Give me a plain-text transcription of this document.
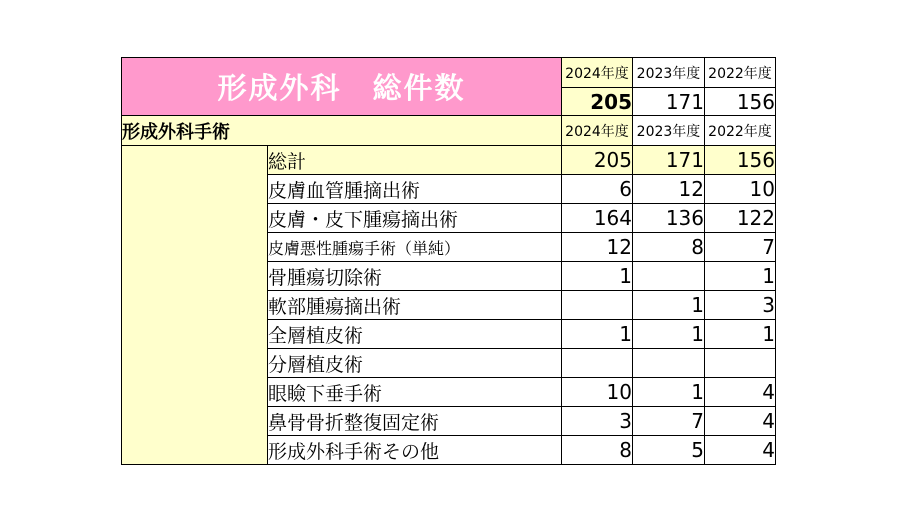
形成外科　総件数		2024年度	2023年度	2022年度
		205	171	156
形成外科手術		2024年度	2023年度	2022年度
	総計	205	171	156
	皮膚血管腫摘出術	6	12	10
	皮膚・皮下腫瘍摘出術	164	136	122
	皮膚悪性腫瘍手術（単純）	12	8	7
	骨腫瘍切除術	1		1
	軟部腫瘍摘出術		1	3
	全層植皮術	1	1	1
	分層植皮術			
	眼瞼下垂手術	10	1	4
	鼻骨骨折整復固定術	3	7	4
	形成外科手術その他	8	5	4
